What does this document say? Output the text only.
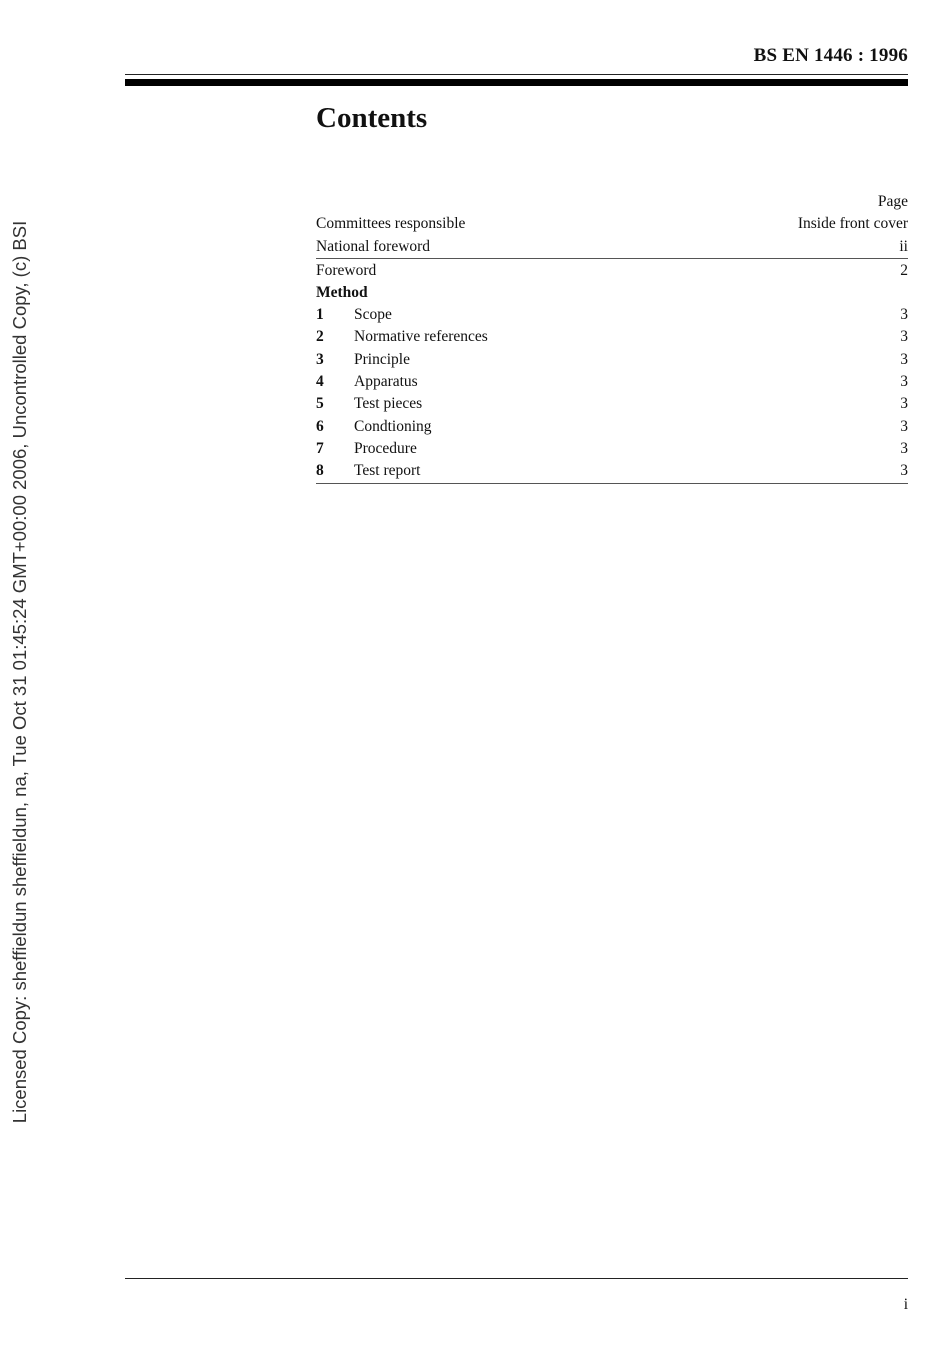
BS EN 1446 : 1996
Contents
Page
Committees responsible	Inside front cover
National foreword	ii
Foreword	2
Method
1 Scope	3
2 Normative references	3
3 Principle	3
4 Apparatus	3
5 Test pieces	3
6 Condtioning	3
7 Procedure	3
8 Test report	3
Licensed Copy: sheffieldun sheffieldun, na, Tue Oct 31 01:45:24 GMT+00:00 2006, Uncontrolled Copy, (c) BSI
i
